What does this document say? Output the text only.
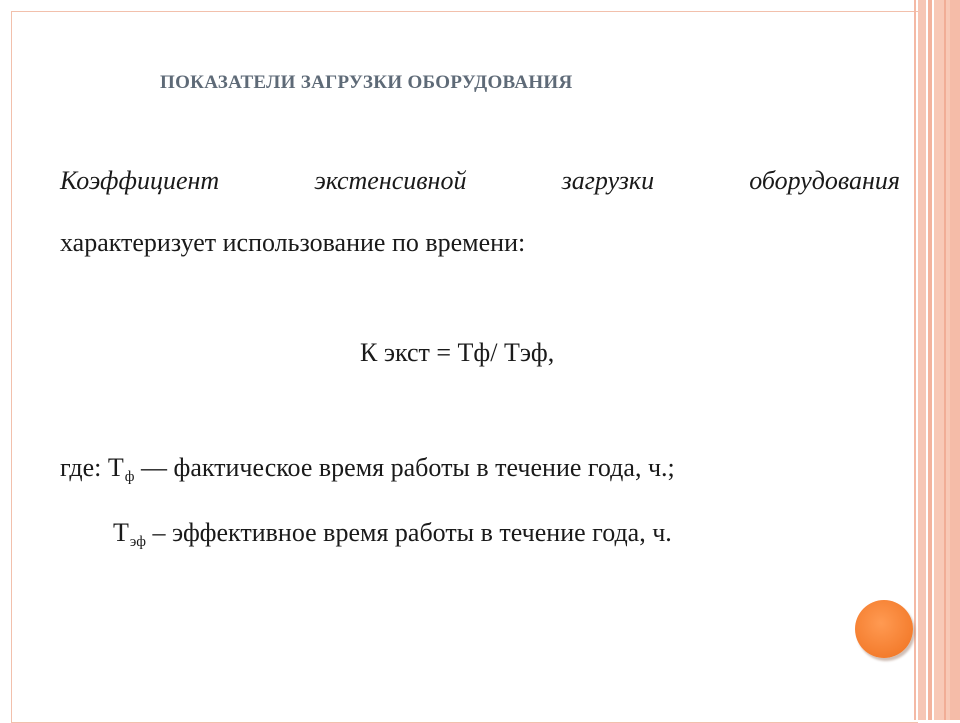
ПОКАЗАТЕЛИ ЗАГРУЗКИ ОБОРУДОВАНИЯ
Коэффициент	экстенсивной	загрузки	оборудования
характеризует использование по времени:
К экст = Тф/ Тэф,
где: Тф — фактическое время работы в течение года, ч.;
Тэф – эффективное время работы в течение года, ч.
